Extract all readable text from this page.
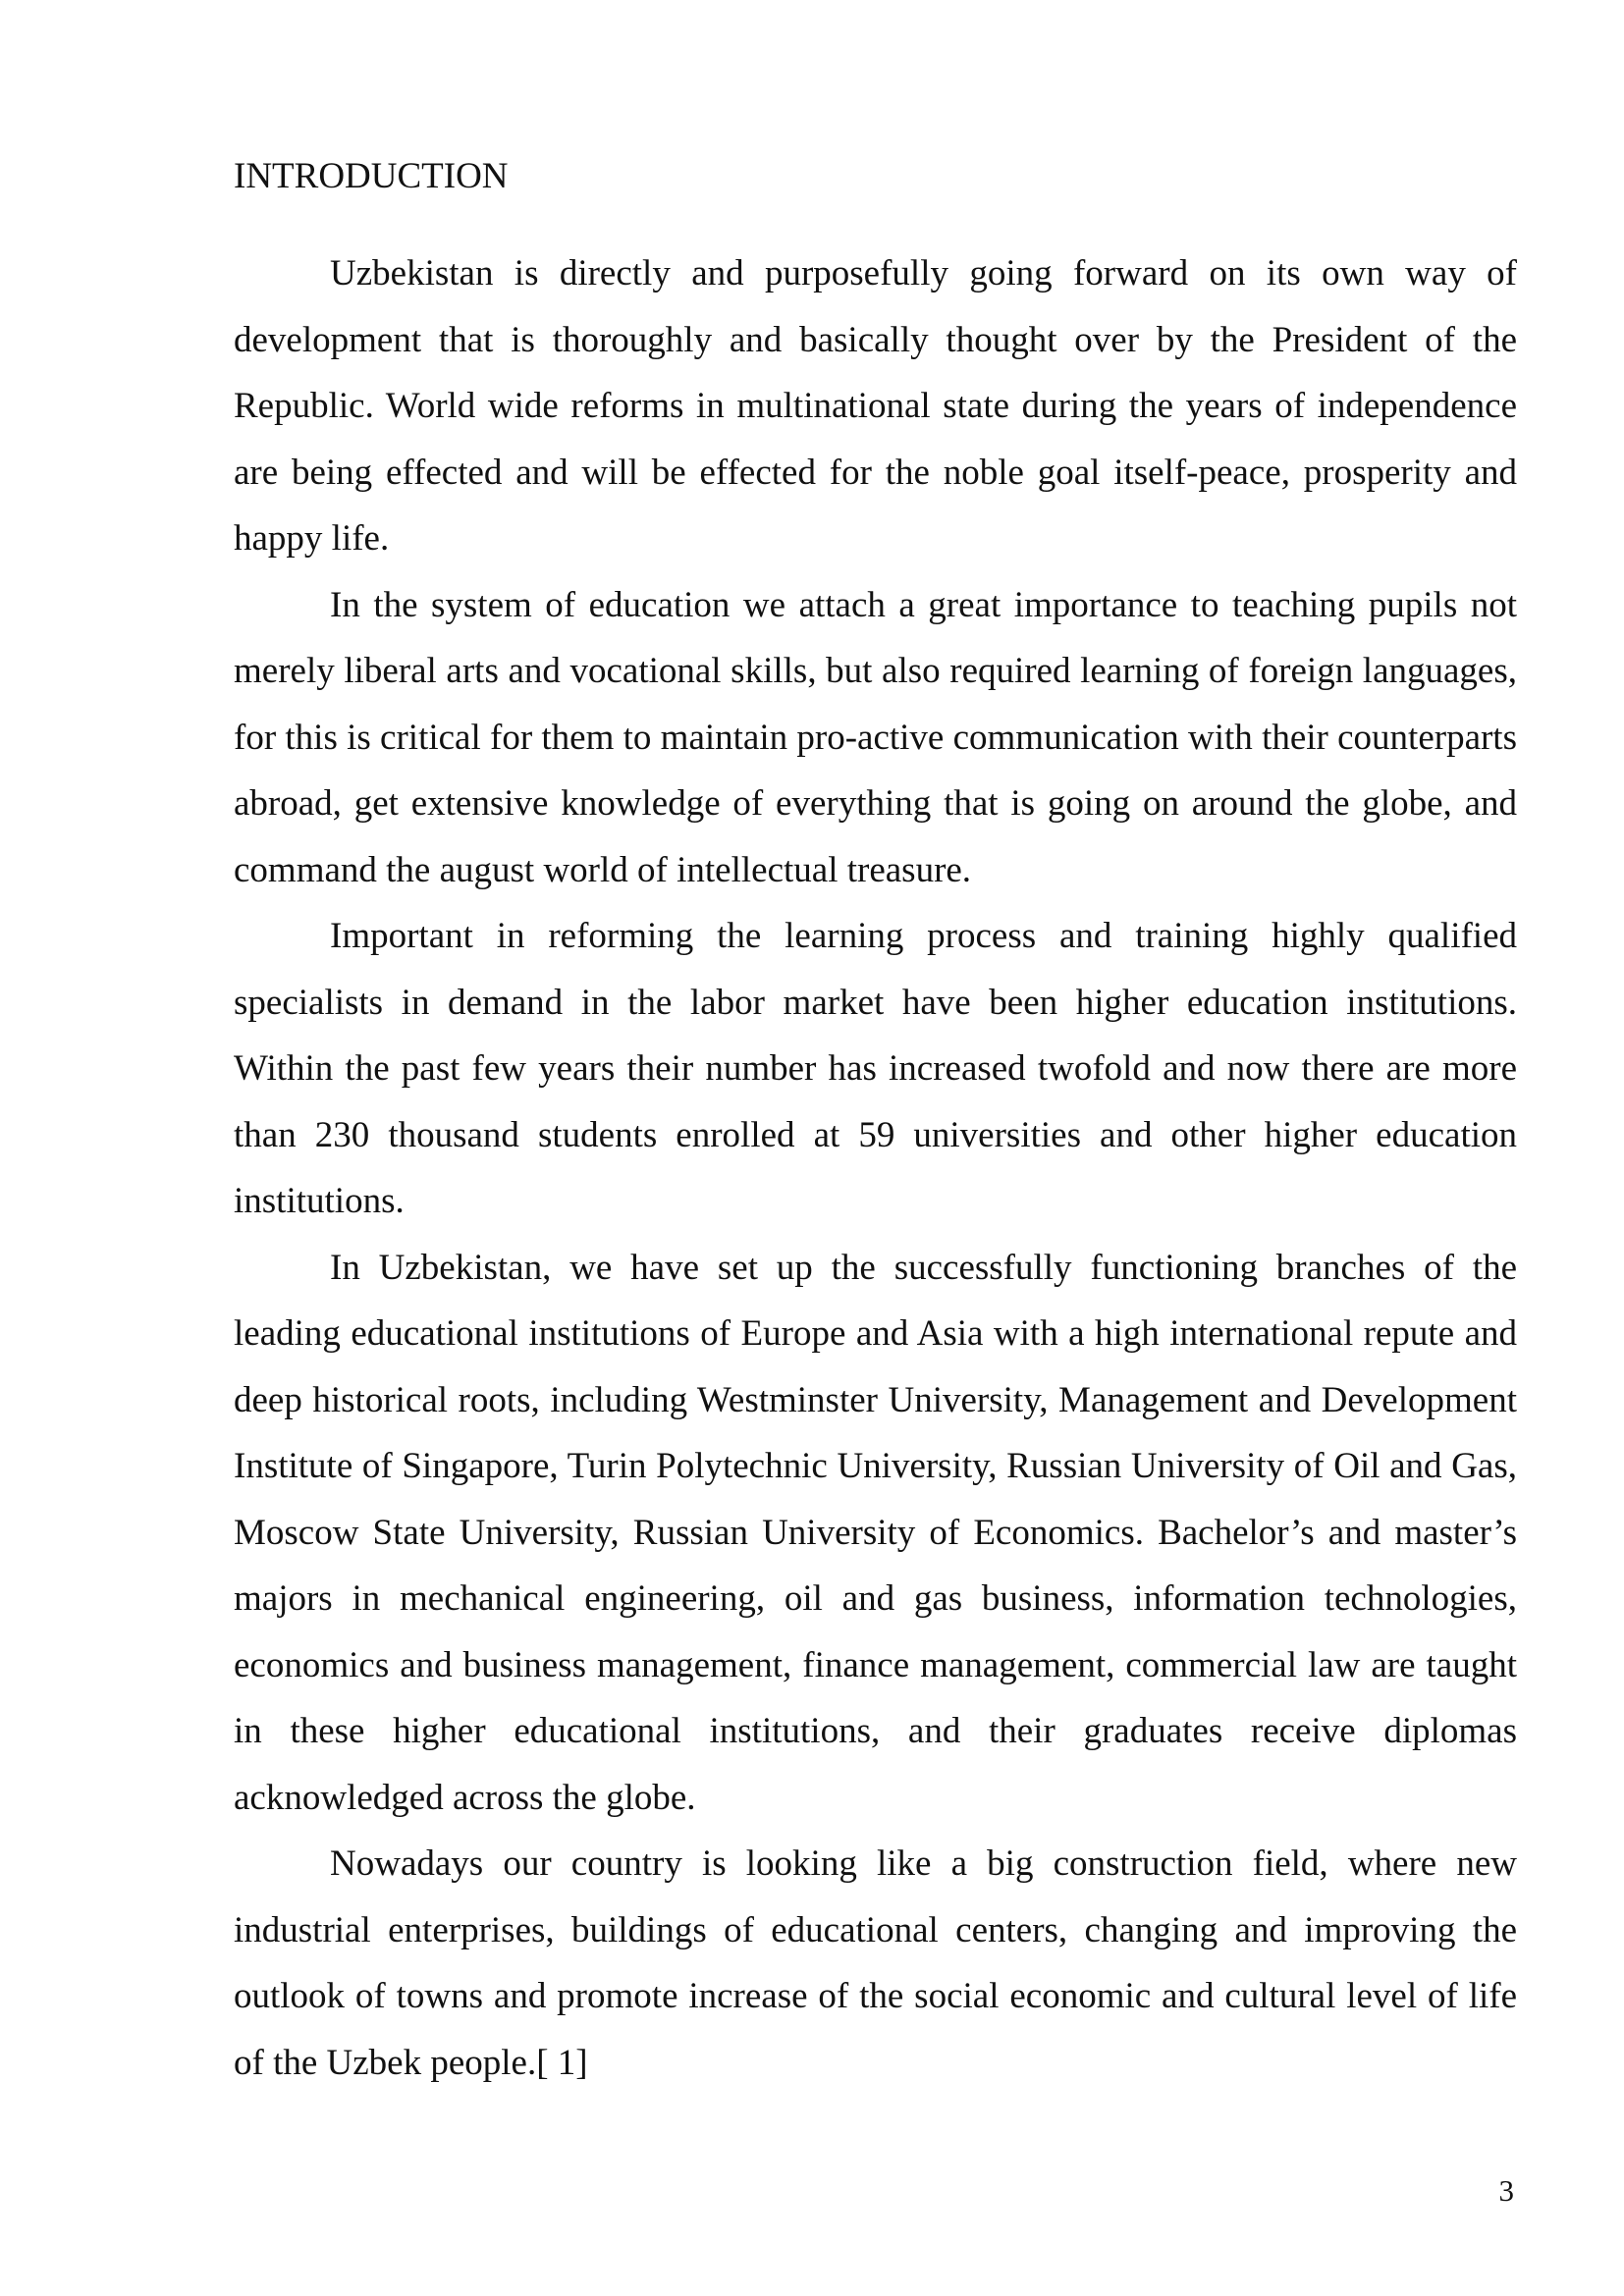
INTRODUCTION

Uzbekistan is directly and purposefully going forward on its own way of development that is thoroughly and basically thought over by the President of the Republic. World wide reforms in multinational state during the years of independence are being effected and will be effected for the noble goal itself-peace, prosperity and happy life.

In the system of education we attach a great importance to teaching pupils not merely liberal arts and vocational skills, but also required learning of foreign languages, for this is critical for them to maintain pro-active communication with their counterparts abroad, get extensive knowledge of everything that is going on around the globe, and command the august world of intellectual treasure.

Important in reforming the learning process and training highly qualified specialists in demand in the labor market have been higher education institutions. Within the past few years their number has increased twofold and now there are more than 230 thousand students enrolled at 59 universities and other higher education institutions.

In Uzbekistan, we have set up the successfully functioning branches of the leading educational institutions of Europe and Asia with a high international repute and deep historical roots, including Westminster University, Management and Development Institute of Singapore, Turin Polytechnic University, Russian University of Oil and Gas, Moscow State University, Russian University of Economics. Bachelor’s and master’s majors in mechanical engineering, oil and gas business, information technologies, economics and business management, finance management, commercial law are taught in these higher educational institutions, and their graduates receive diplomas acknowledged across the globe.

Nowadays our country is looking like a big construction field, where new industrial enterprises, buildings of educational centers, changing and improving the outlook of towns and promote increase of the social economic and cultural level of life of the Uzbek people.[ 1]

3
